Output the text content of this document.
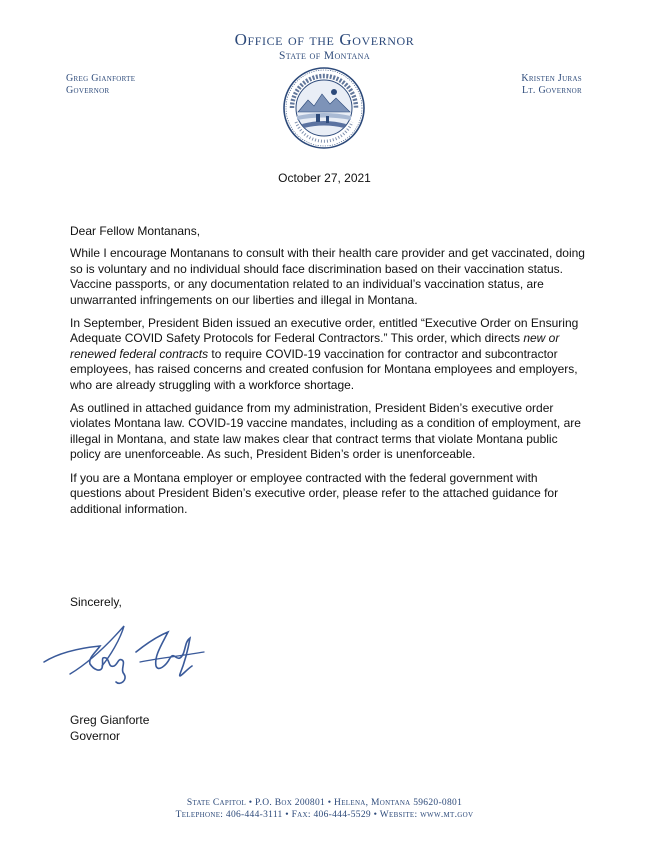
Office of the Governor
State of Montana
Greg Gianforte
Governor
Kristen Juras
Lt. Governor
October 27, 2021

Dear Fellow Montanans,

While I encourage Montanans to consult with their health care provider and get vaccinated, doing so is voluntary and no individual should face discrimination based on their vaccination status. Vaccine passports, or any documentation related to an individual’s vaccination status, are unwarranted infringements on our liberties and illegal in Montana.

In September, President Biden issued an executive order, entitled “Executive Order on Ensuring Adequate COVID Safety Protocols for Federal Contractors.” This order, which directs new or renewed federal contracts to require COVID-19 vaccination for contractor and subcontractor employees, has raised concerns and created confusion for Montana employees and employers, who are already struggling with a workforce shortage.

As outlined in attached guidance from my administration, President Biden’s executive order violates Montana law. COVID-19 vaccine mandates, including as a condition of employment, are illegal in Montana, and state law makes clear that contract terms that violate Montana public policy are unenforceable. As such, President Biden’s order is unenforceable.

If you are a Montana employer or employee contracted with the federal government with questions about President Biden’s executive order, please refer to the attached guidance for additional information.

Sincerely,
Greg Gianforte
Governor
State Capitol • P.O. Box 200801 • Helena, Montana 59620-0801
Telephone: 406-444-3111 • Fax: 406-444-5529 • Website: www.mt.gov
